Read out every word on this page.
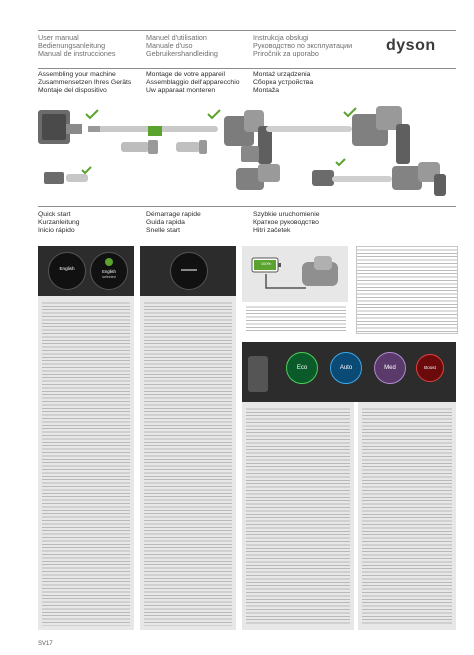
User manual
Bedienungsanleitung
Manual de instrucciones
Manuel d'utilisation
Manuale d'uso
Gebruikershandleiding
Instrukcja obsługi
Руководство по эксплуатации
Priročnik za uporabo	dyson
Assembling your machine
Zusammensetzen Ihres Geräts
Montaje del dispositivo
Montage de votre appareil
Assemblaggio dell'apparecchio
Uw apparaat monteren
Montaż urządzenia
Сборка устройства
Montaža
Quick start
Kurzanleitung
Inicio rápido
Démarrage rapide
Guida rapida
Snelle start
Szybkie uruchomienie
Краткое руководство
Hitri začetek
English
English
selected
100%
Eco	Auto	Med	Boost
SV17
